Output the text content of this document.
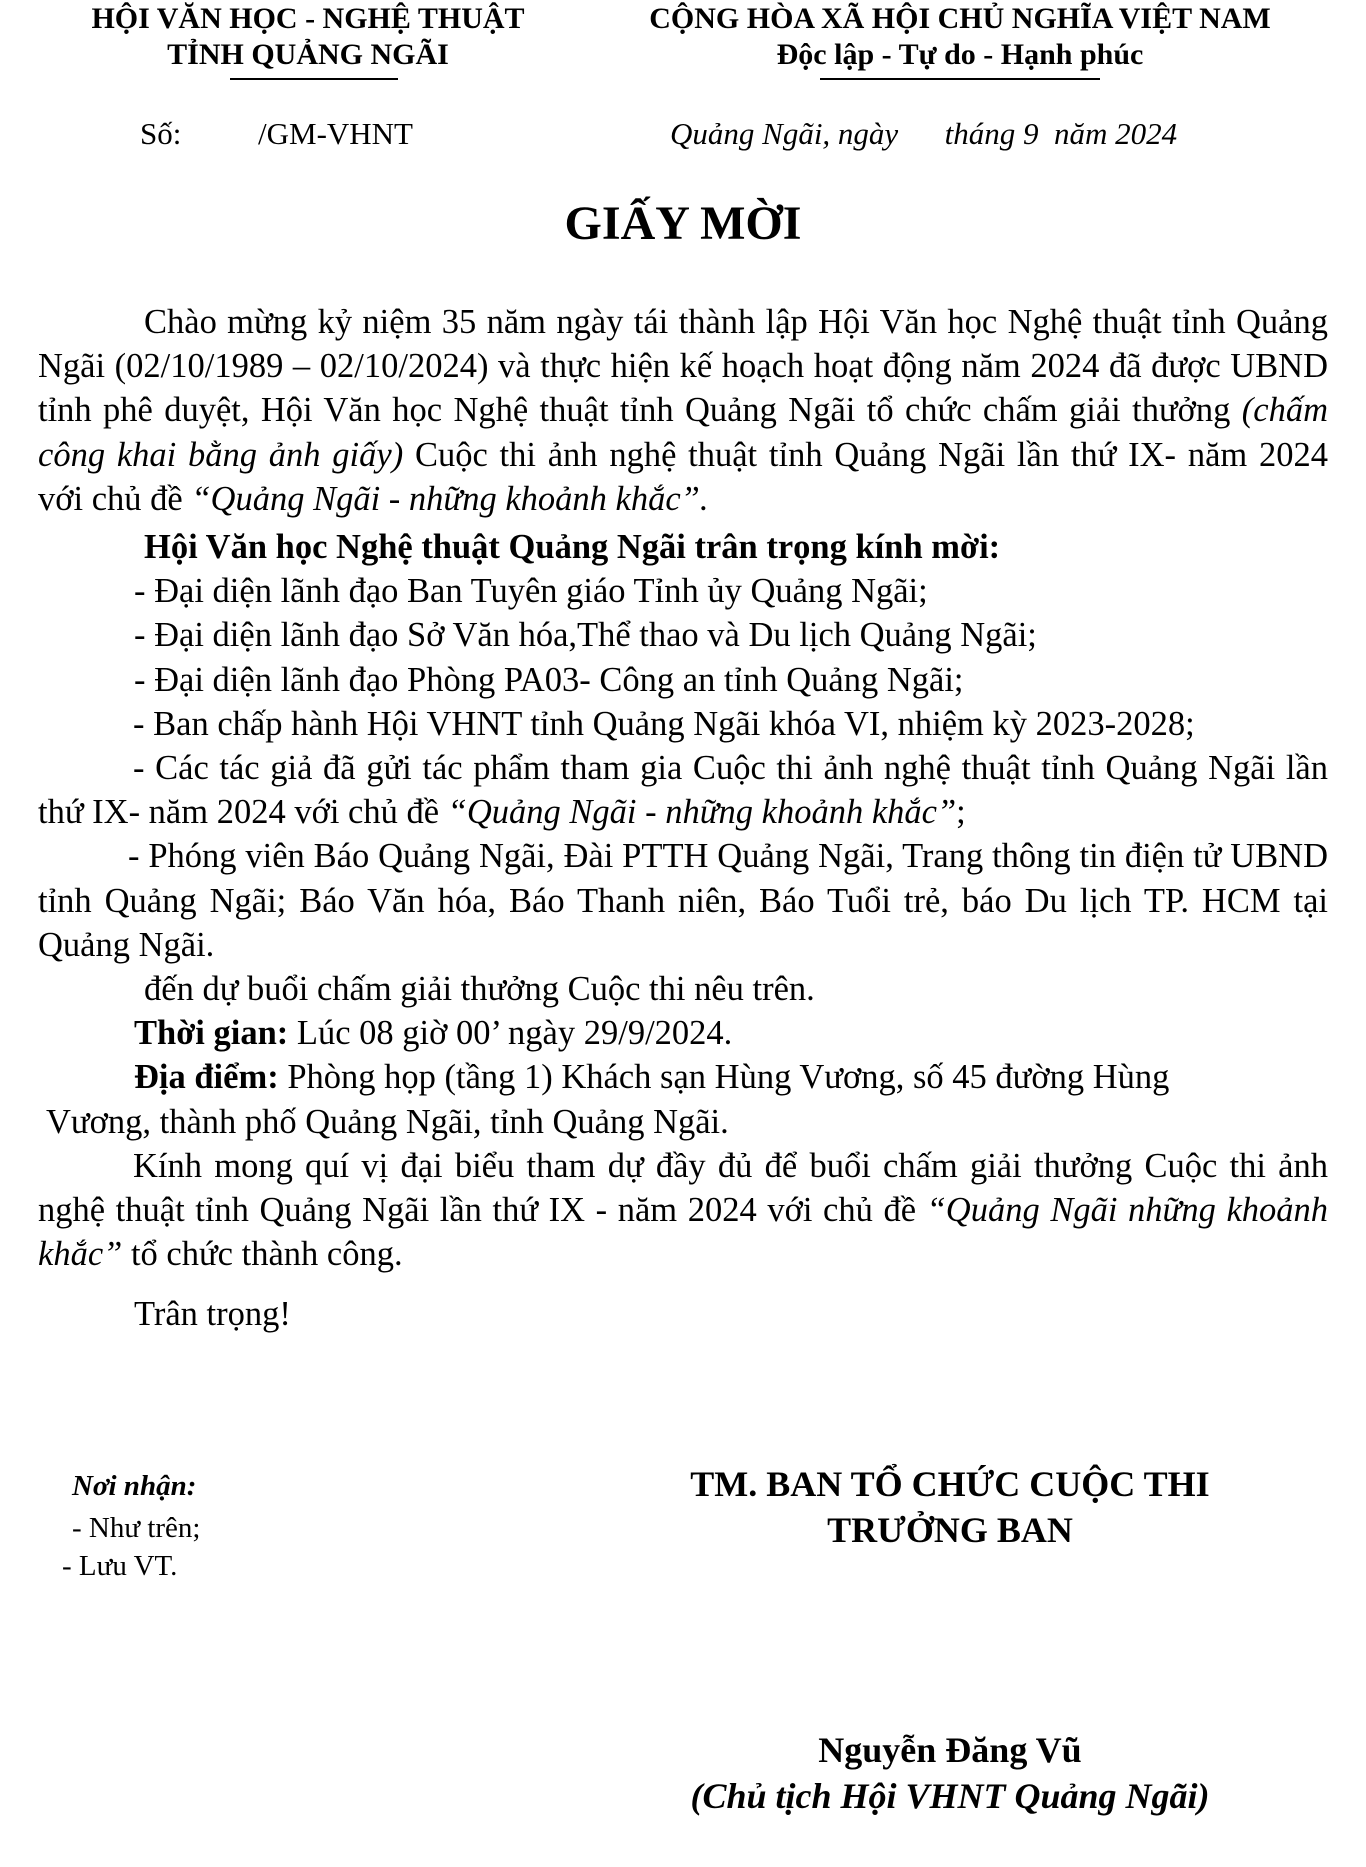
HỘI VĂN HỌC - NGHỆ THUẬT
TỈNH QUẢNG NGÃI
CỘNG HÒA XÃ HỘI CHỦ NGHĨA VIỆT NAM
Độc lập - Tự do - Hạnh phúc
Số: /GM-VHNT	Quảng Ngãi, ngày      tháng 9  năm 2024
GIẤY MỜI

Chào mừng kỷ niệm 35 năm ngày tái thành lập Hội Văn học Nghệ thuật tỉnh Quảng Ngãi (02/10/1989 – 02/10/2024) và thực hiện kế hoạch hoạt động năm 2024 đã được UBND tỉnh phê duyệt, Hội Văn học Nghệ thuật tỉnh Quảng Ngãi tổ chức chấm giải thưởng (chấm công khai bằng ảnh giấy) Cuộc thi ảnh nghệ thuật tỉnh Quảng Ngãi lần thứ IX- năm 2024 với chủ đề “Quảng Ngãi - những khoảnh khắc”.

Hội Văn học Nghệ thuật Quảng Ngãi trân trọng kính mời:

- Đại diện lãnh đạo Ban Tuyên giáo Tỉnh ủy Quảng Ngãi;

- Đại diện lãnh đạo Sở Văn hóa,Thể thao và Du lịch Quảng Ngãi;

- Đại diện lãnh đạo Phòng PA03- Công an tỉnh Quảng Ngãi;

- Ban chấp hành Hội VHNT tỉnh Quảng Ngãi khóa VI, nhiệm kỳ 2023-2028;

- Các tác giả đã gửi tác phẩm tham gia Cuộc thi ảnh nghệ thuật tỉnh Quảng Ngãi lần thứ IX- năm 2024 với chủ đề “Quảng Ngãi - những khoảnh khắc”;

- Phóng viên Báo Quảng Ngãi, Đài PTTH Quảng Ngãi, Trang thông tin điện tử UBND tỉnh Quảng Ngãi; Báo Văn hóa, Báo Thanh niên, Báo Tuổi trẻ, báo Du lịch TP. HCM tại Quảng Ngãi.

đến dự buổi chấm giải thưởng Cuộc thi nêu trên.

Thời gian: Lúc 08 giờ 00’ ngày 29/9/2024.

Địa điểm: Phòng họp (tầng 1) Khách sạn Hùng Vương, số 45 đường Hùng

Vương, thành phố Quảng Ngãi, tỉnh Quảng Ngãi.

Kính mong quí vị đại biểu tham dự đầy đủ để buổi chấm giải thưởng Cuộc thi ảnh nghệ thuật tỉnh Quảng Ngãi lần thứ IX - năm 2024 với chủ đề “Quảng Ngãi những khoảnh khắc” tổ chức thành công.

Trân trọng!

Nơi nhận:
- Như trên;
- Lưu VT.
TM. BAN TỔ CHỨC CUỘC THI
TRƯỞNG BAN
Nguyễn Đăng Vũ
(Chủ tịch Hội VHNT Quảng Ngãi)
